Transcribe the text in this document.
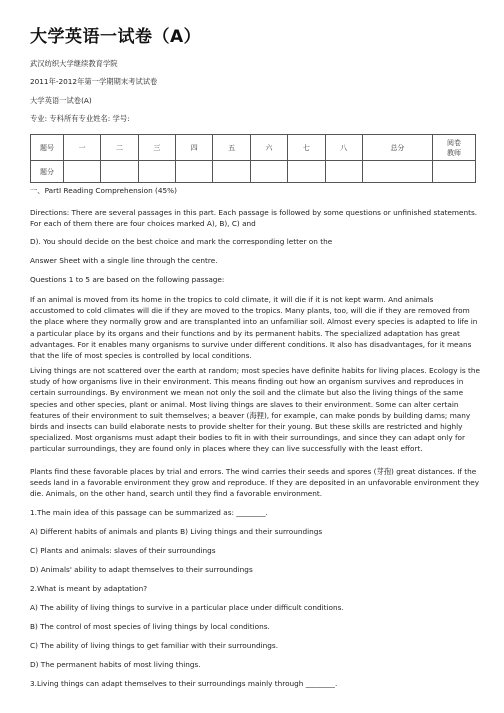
大学英语一试卷（A）
武汉纺织大学继续教育学院
2011年-2012年第一学期期末考试试卷
大学英语一试卷(A)
专业: 专科所有专业姓名: 学号:
题号	一	二	三	四	五	六	七	八	总分	阅卷
教师
题分										
一、PartI Reading Comprehension (45%)
Directions: There are several passages in this part. Each passage is followed by some questions or unfinished statements. For each of them there are four choices marked A), B), C) and
D). You should decide on the best choice and mark the corresponding letter on the
Answer Sheet with a single line through the centre.
Questions 1 to 5 are based on the following passage:
If an animal is moved from its home in the tropics to cold climate, it will die if it is not kept warm. And animals accustomed to cold climates will die if they are moved to the tropics. Many plants, too, will die if they are removed from the place where they normally grow and are transplanted into an unfamiliar soil. Almost every species is adapted to life in a particular place by its organs and their functions and by its permanent habits. The specialized adaptation has great advantages. For it enables many organisms to survive under different conditions. It also has disadvantages, for it means that the life of most species is controlled by local conditions.
Living things are not scattered over the earth at random; most species have definite habits for living places. Ecology is the study of how organisms live in their environment. This means finding out how an organism survives and reproduces in certain surroundings. By environment we mean not only the soil and the climate but also the living things of the same species and other species, plant or animal. Most living things are slaves to their environment. Some can alter certain features of their environment to suit themselves; a beaver (海狸), for example, can make ponds by building dams; many birds and insects can build elaborate nests to provide shelter for their young. But these skills are restricted and highly specialized. Most organisms must adapt their bodies to fit in with their surroundings, and since they can adapt only for particular surroundings, they are found only in places where they can live successfully with the least effort.
Plants find these favorable places by trial and errors. The wind carries their seeds and spores (芽孢) great distances. If the seeds land in a favorable environment they grow and reproduce. If they are deposited in an unfavorable environment they die. Animals, on the other hand, search until they find a favorable environment.
1.The main idea of this passage can be summarized as: ________.
A) Different habits of animals and plants B) Living things and their surroundings
C) Plants and animals: slaves of their surroundings
D) Animals' ability to adapt themselves to their surroundings
2.What is meant by adaptation?
A) The ability of living things to survive in a particular place under difficult conditions.
B) The control of most species of living things by local conditions.
C) The ability of living things to get familiar with their surroundings.
D) The permanent habits of most living things.
3.Living things can adapt themselves to their surroundings mainly through ________.
